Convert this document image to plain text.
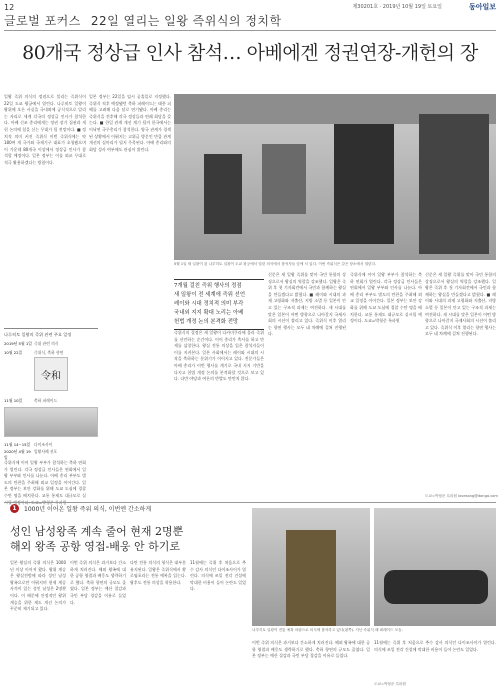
12	제30201호 · 2019년 10월 19일 토요일	동아일보
글로벌 포커스 22일 열리는 일왕 즉위식의 정치학
80개국 정상급 인사 참석… 아베에겐 정권연장-개헌의 장
일왕 즉위 의식의 정점으로 불리는 즉위식이 22일 도쿄 왕궁에서 열린다. 나루히토 일왕이 왕위에 오른 사실을 국내외에 공식적으로 알리는 자리로 세계 각국의 정상급 인사가 참석한다. 아베 신조 총리에게는 정권 장기 집권과 개헌 논의에 힘을 싣는 무대가 될 전망이다. ■ 정치적 의미 커진 즉위식 이번 즉위식에는 약 180여 개 국가와 국제기구 대표가 초청됐으며 이 가운데 80개국 이상에서 정상급 인사가 참석할 예정이다. 일본 정부는 이를 외교 무대로 적극 활용하겠다는 방침이다.
일본 정부는 22일을 임시 공휴일로 지정했다. 즉위식 직후 예정됐던 축하 퍼레이드는 태풍 피해를 고려해 다음 달로 연기됐다. 아베 총리는 즉위식을 전후해 각국 정상들과 연쇄 회담을 갖는다. ■ 한일 관계 개선 계기 될까 한국에서는 이낙연 국무총리가 참석한다. 양국 관계가 경색된 상황에서 이뤄지는 고위급 방문인 만큼 관계 개선의 실마리가 될지 주목된다. 아베 총리와의 회담 성사 여부에도 관심이 쏠린다.
즉위식의 절정은 새 일왕이 다카미쿠라에 올라 즉위를 선언하는 순간이다. 이어 총리가 축사를 하고 만세를 삼창한다. 왕실 전통 의상을 입은 참석자들이 이를 지켜본다. 일본 사회에서는 레이와 시대의 시작을 축하하는 분위기가 이어지고 있다. 전문가들은 아베 총리가 이번 행사를 계기로 국내 지지 기반을 다지고 헌법 개정 논의를 본격화할 것으로 보고 있다. 다만 야당과 여론의 반발도 만만치 않다.
신문은 새 일왕 즉위를 맞아 국민 통합의 상징으로서 왕실의 역할을 강조했다. 일왕은 즉위 후 첫 기자회견에서 국민과 함께하는 왕실을 만들겠다고 밝혔다. ■ 레이와 시대의 과제 고령화와 저출산, 지방 소멸 등 일본이 안고 있는 구조적 과제는 여전하다. 새 시대를 맞은 일본이 어떤 방향으로 나아갈지 국제사회의 시선이 쏠리고 있다. 즉위식 이후 열리는 향연 행사는 모두 네 차례에 걸쳐 진행된다.
즉위식에 이어 일왕 부부가 참석하는 축하 연회가 열린다. 각국 정상급 인사들은 연회에서 일왕 부부와 인사를 나눈다. 아베 총리 부부도 별도의 만찬을 주최해 외교 일정을 이어간다. 일본 정부는 보안 강화를 위해 도쿄 도심에 경찰 수만 명을 배치한다. 교통 통제도 대규모로 실시될 예정이다. 도쿄=박형준 특파원
신문은 새 일왕 즉위를 맞아 국민 통합의 상징으로서 왕실의 역할을 강조했다. 일왕은 즉위 후 첫 기자회견에서 국민과 함께하는 왕실을 만들겠다고 밝혔다. ■ 레이와 시대의 과제 고령화와 저출산, 지방 소멸 등 일본이 안고 있는 구조적 과제는 여전하다. 새 시대를 맞은 일본이 어떤 방향으로 나아갈지 국제사회의 시선이 쏠리고 있다. 즉위식 이후 열리는 향연 행사는 모두 네 차례에 걸쳐 진행된다.
도쿄=박형준 특파원 lovesong@donga.com
5월 1일 새 일왕이 된 나루히토 일왕이 도쿄 왕궁에서 열린 의식에서 참석자들 앞에 서 있다. 이번 즉위식은 같은 장소에서 열린다.
7개월 걸친 즉위 행사의 정점
새 일왕이 전 세계에 즉위 선언
레이와 시대 정치적 의미 부각
국내외 지지 확대 노리는 아베
헌법 개정 논의 본격화 전망
나루히토 일왕의 즉위 관련 주요 일정
2019년 5월 1일 즉위 관련 의식
10월 22일	즉위식, 축하 향연
令和
11월 10일	축하 퍼레이드
11월 14~15일 다이조사이
2020년 4월 19일
입황사례 선포
즉위식에 이어 일왕 부부가 참석하는 축하 연회가 열린다. 각국 정상급 인사들은 연회에서 일왕 부부와 인사를 나눈다. 아베 총리 부부도 별도의 만찬을 주최해 외교 일정을 이어간다. 일본 정부는 보안 강화를 위해 도쿄 도심에 경찰 수만 명을 배치한다. 교통 통제도 대규모로 실
1	1000년 이어온 일왕 즉위 의식, 이번엔 간소하게
성인 남성왕족 계속 줄어 현재 2명뿐
해외 왕족 공항 영접-배웅 안 하기로
일본 왕실의 즉위 의식은 1000년 이상 이어져 왔다. 왕위 계승은 왕실전범에 따라 성인 남성 왕족으로만 이뤄지며 현재 계승 자격이 있는 성인 남성은 2명뿐이다. 이 때문에 안정적인 왕위 계승을 위한 제도 개선 논의가 꾸준히 제기되고 있다.
이번 즉위 의식은 과거보다 간소하게 치러진다. 해외 왕족에 대한 공항 영접과 배웅도 생략하기로 했다. 축하 향연의 규모도 줄였다. 일본 정부는 예산 절감과 국민 부담 경감을 이유로 들었다.
다만 전통 의식의 형식은 대부분 유지된다. 일왕은 즉위식에서 황로염포라는 전통 예복을 입는다. 왕후도 전통 의상을 착용한다.
11월에는 즉위 후 처음으로 추수 감사 의식인 다이조사이가 열린다. 의식에 쓰일 전각 건설에 막대한 비용이 들어 논란도 일었다.
나루히토 일왕이 전통 예복 차림으로 의식에 참석하고 있다(왼쪽). 지난 즉위식 때 퍼레이드 모습.
이번 즉위 의식은 과거보다 간소하게 치러진다. 해외 왕족에 대한 공항 영접과 배웅도 생략하기로 했다. 축하 향연의 규모도 줄였다. 일본 정부는 예산 절감과 국민 부담 경감을 이유로 들었다.
11월에는 즉위 후 처음으로 추수 감사 의식인 다이조사이가 열린다. 의식에 쓰일 전각 건설에 막대한 비용이 들어 논란도 일었다.
도쿄=박형준 특파원
